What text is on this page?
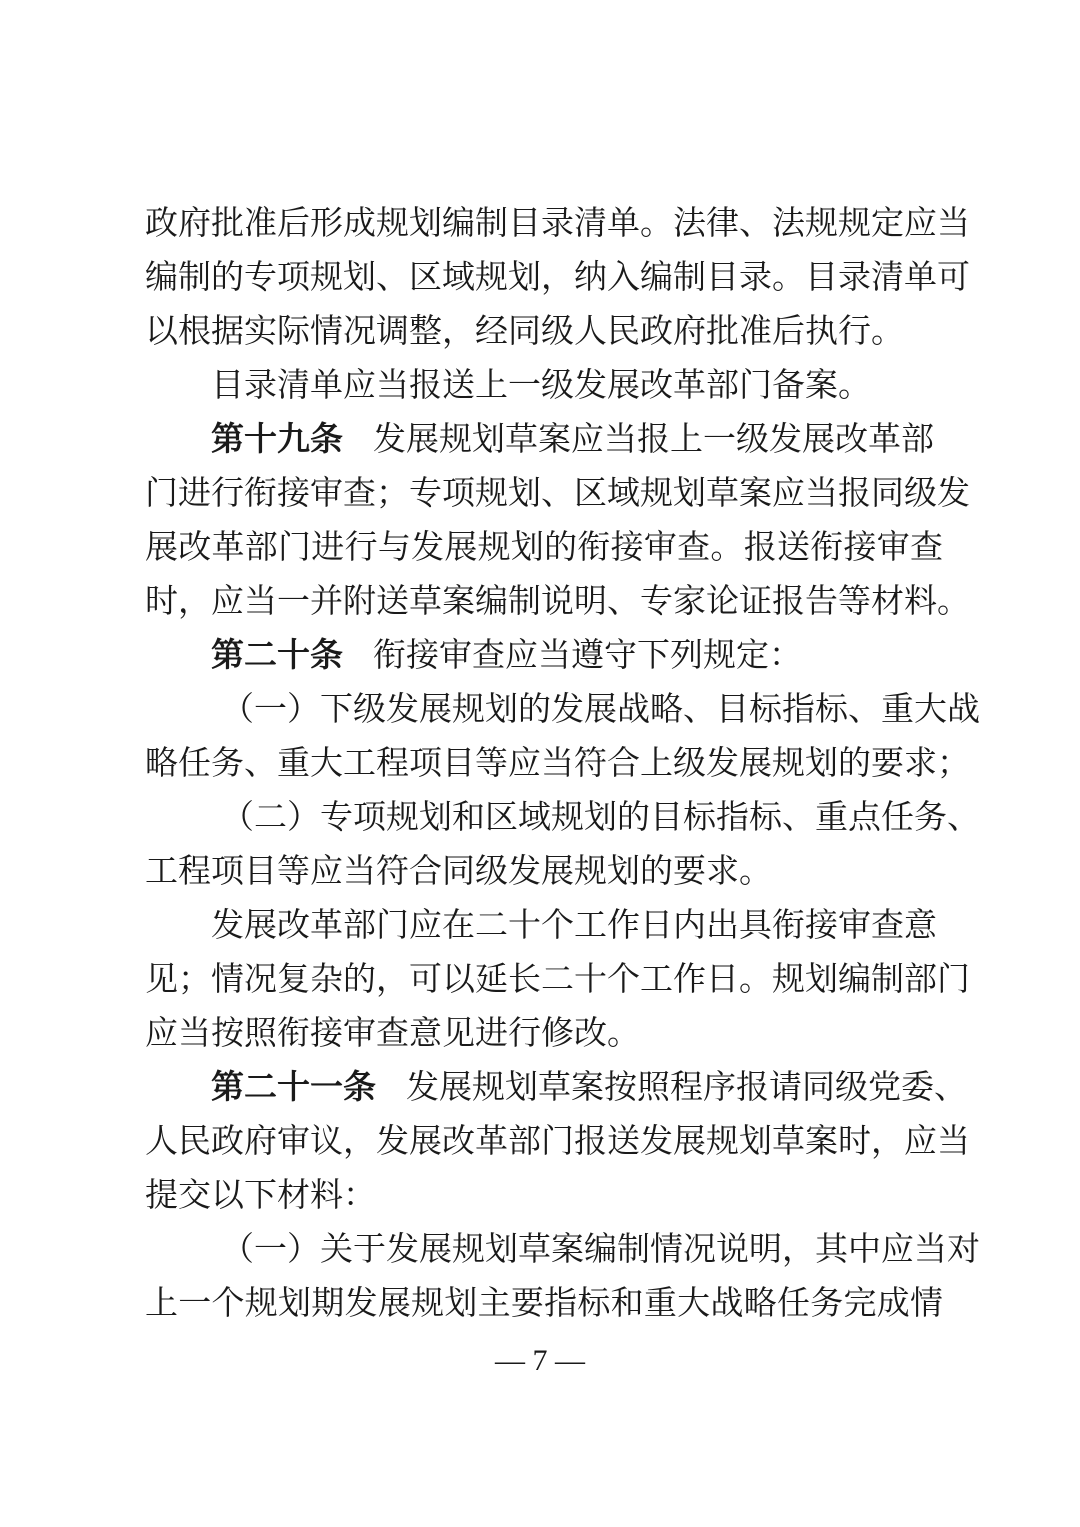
政府批准后形成规划编制目录清单。法律、法规规定应当
编制的专项规划、区域规划，纳入编制目录。目录清单可
以根据实际情况调整，经同级人民政府批准后执行。
目录清单应当报送上一级发展改革部门备案。
第十九条 发展规划草案应当报上一级发展改革部
门进行衔接审查；专项规划、区域规划草案应当报同级发
展改革部门进行与发展规划的衔接审查。报送衔接审查
时，应当一并附送草案编制说明、专家论证报告等材料。
第二十条 衔接审查应当遵守下列规定：
（一）下级发展规划的发展战略、目标指标、重大战
略任务、重大工程项目等应当符合上级发展规划的要求；
（二）专项规划和区域规划的目标指标、重点任务、
工程项目等应当符合同级发展规划的要求。
发展改革部门应在二十个工作日内出具衔接审查意
见；情况复杂的，可以延长二十个工作日。规划编制部门
应当按照衔接审查意见进行修改。
第二十一条 发展规划草案按照程序报请同级党委、
人民政府审议，发展改革部门报送发展规划草案时，应当
提交以下材料：
（一）关于发展规划草案编制情况说明，其中应当对
上一个规划期发展规划主要指标和重大战略任务完成情
— 7 —
